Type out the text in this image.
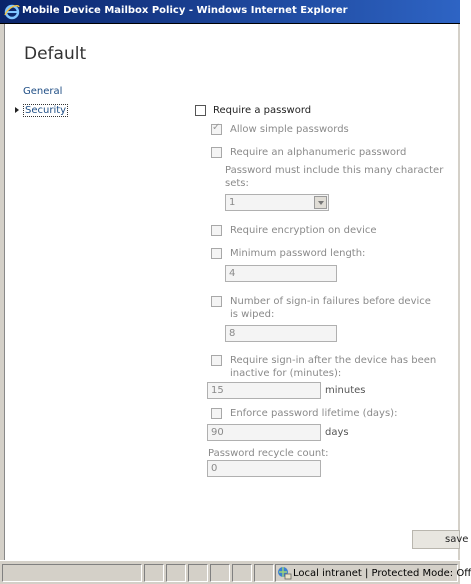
Mobile Device Mailbox Policy - Windows Internet Explorer
Default
General
Security	Require a password
✓
Allow simple passwords
Require an alphanumeric password
Password must include this many character
sets:
1
Require encryption on device
Minimum password length:
4
Number of sign-in failures before device
is wiped:
8
Require sign-in after the device has been
inactive for (minutes):
15	minutes
Enforce password lifetime (days):
90	days
Password recycle count:
0
save
Local intranet | Protected Mode: Off
